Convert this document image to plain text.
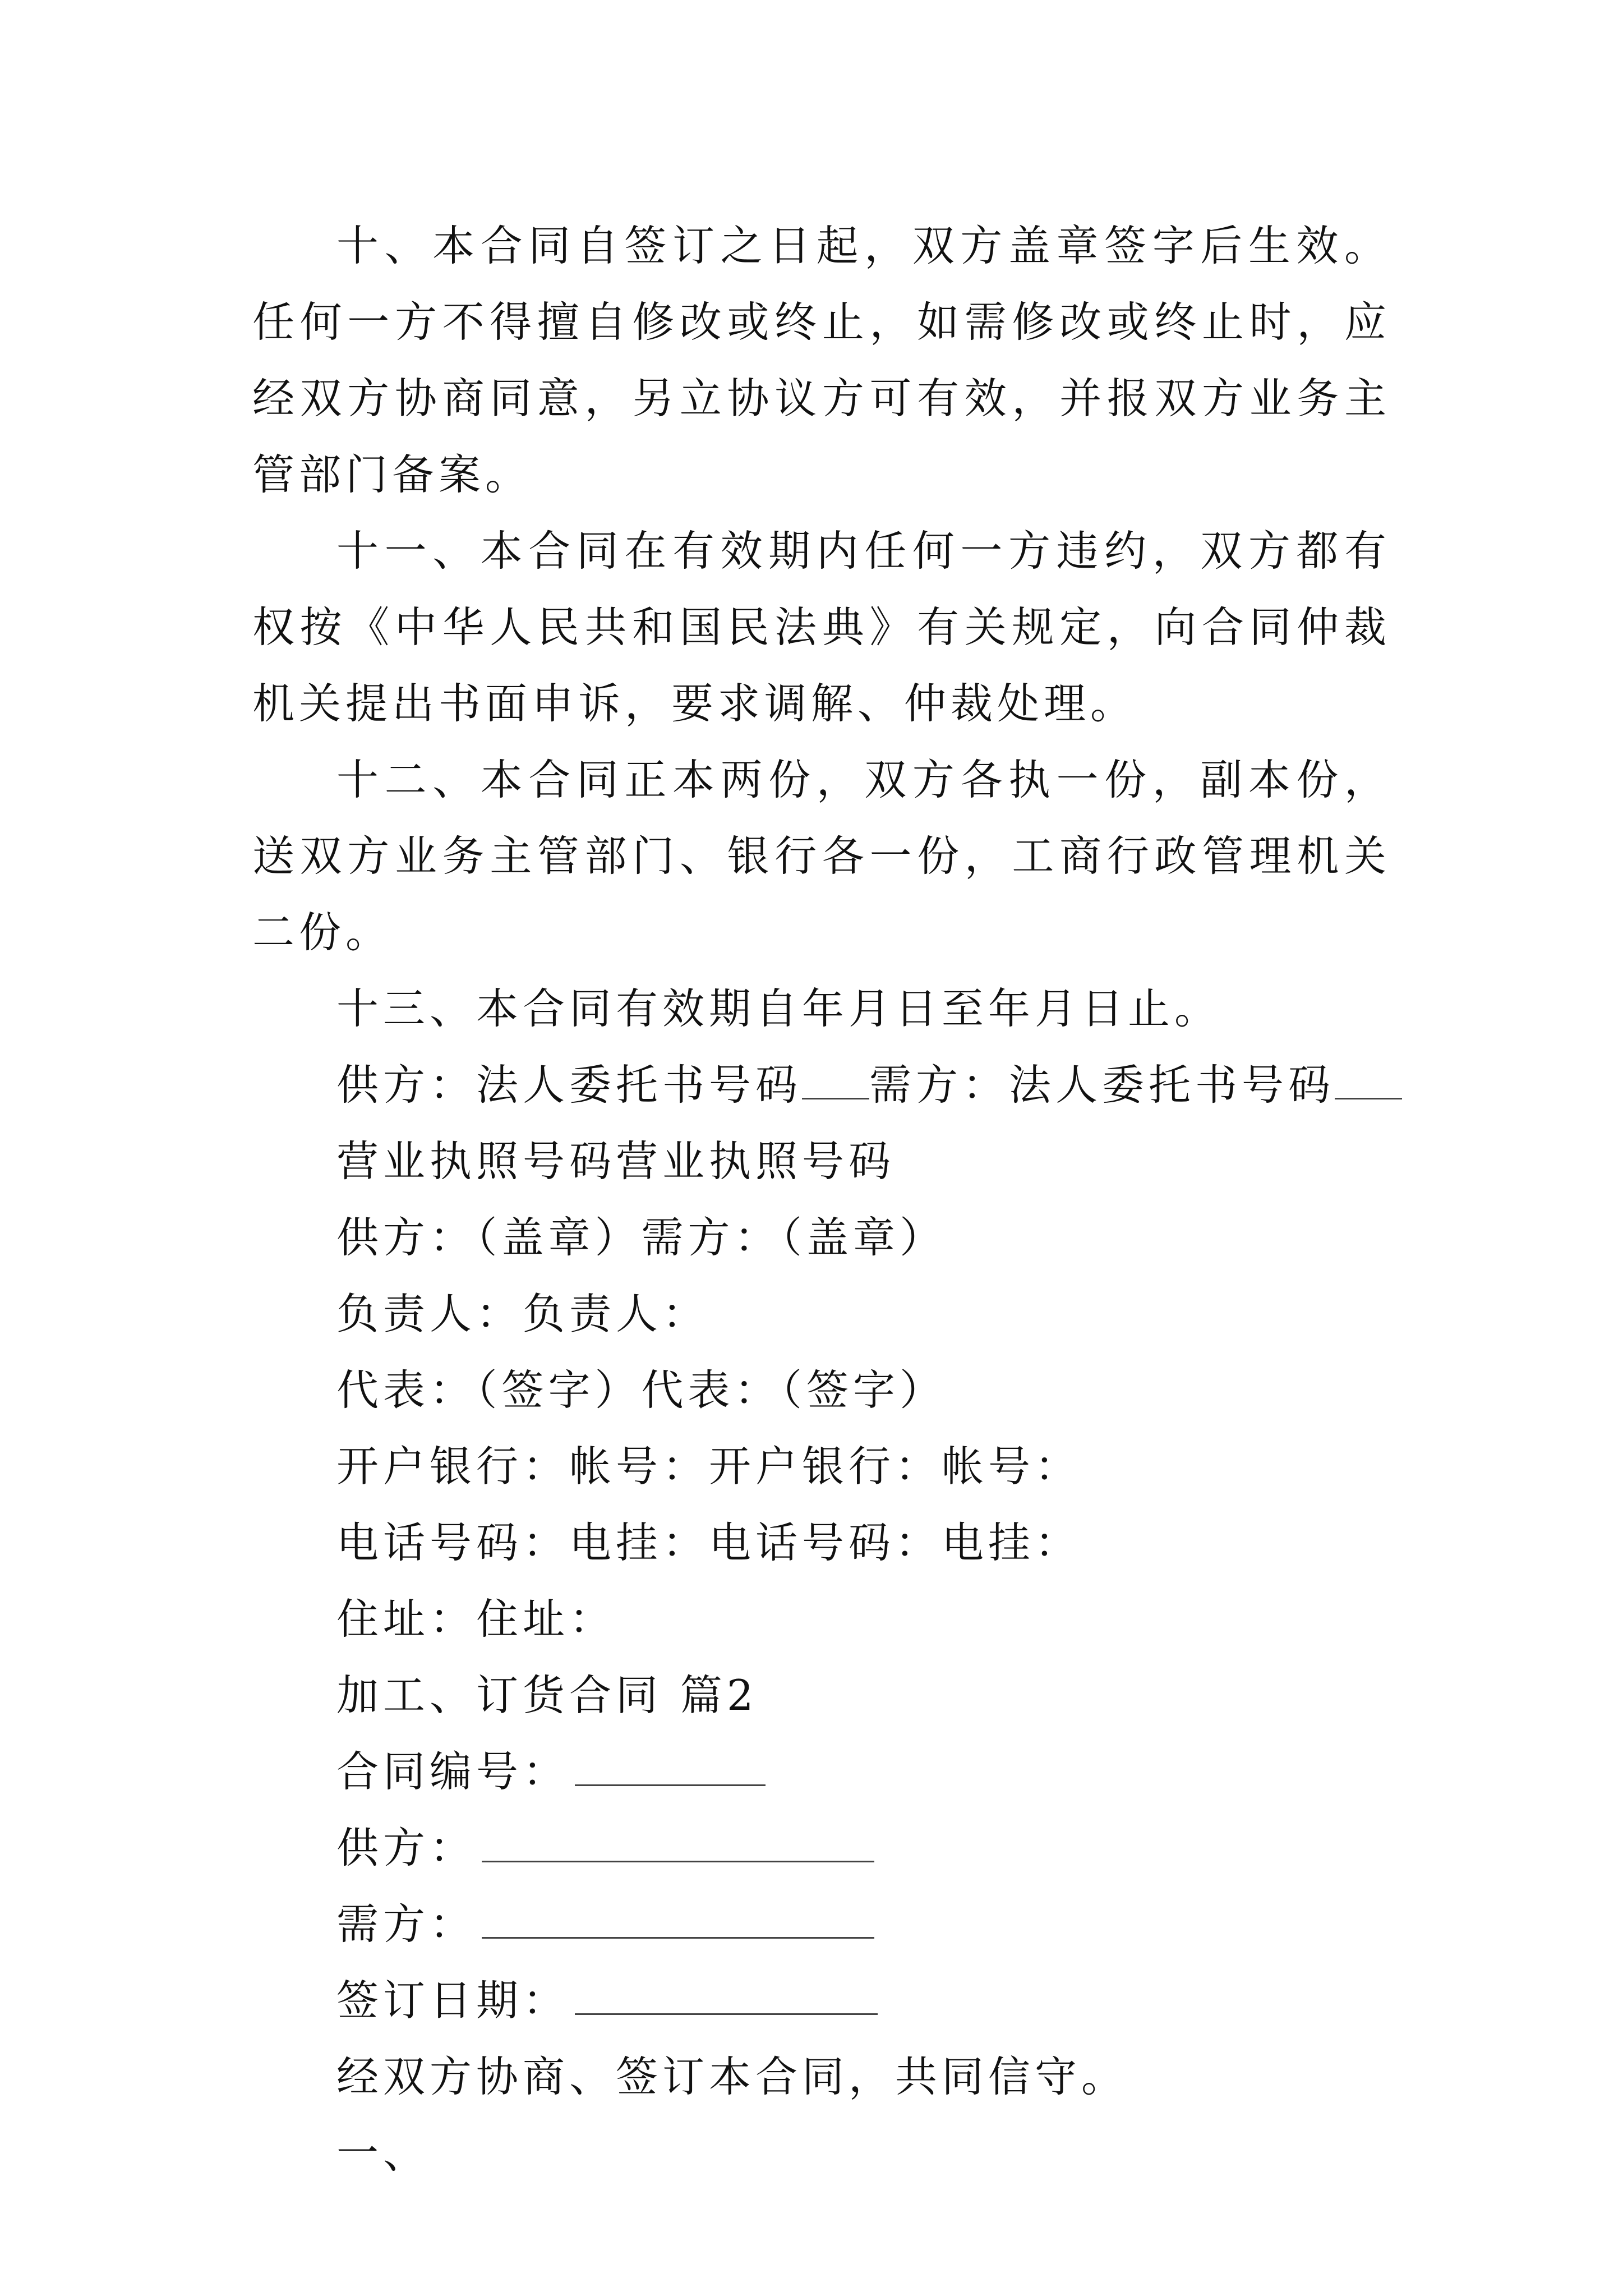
十、本合同自签订之日起，双方盖章签字后生效。任何一方不得擅自修改或终止，如需修改或终止时，应经双方协商同意，另立协议方可有效，并报双方业务主管部门备案。

十一、本合同在有效期内任何一方违约，双方都有权按《中华人民共和国民法典》有关规定，向合同仲裁机关提出书面申诉，要求调解、仲裁处理。

十二、本合同正本两份，双方各执一份，副本份，送双方业务主管部门、银行各一份，工商行政管理机关二份。

十三、本合同有效期自年月日至年月日止。

供方：法人委托书号码 需方：法人委托书号码

营业执照号码营业执照号码

供方：（盖章）需方：（盖章）

负责人：负责人：

代表：（签字）代表：（签字）

开户银行：帐号：开户银行：帐号：

电话号码：电挂：电话号码：电挂：

住址：住址：

加工、订货合同 篇2

合同编号：

供方：

需方：

签订日期：

经双方协商、签订本合同，共同信守。

一、
